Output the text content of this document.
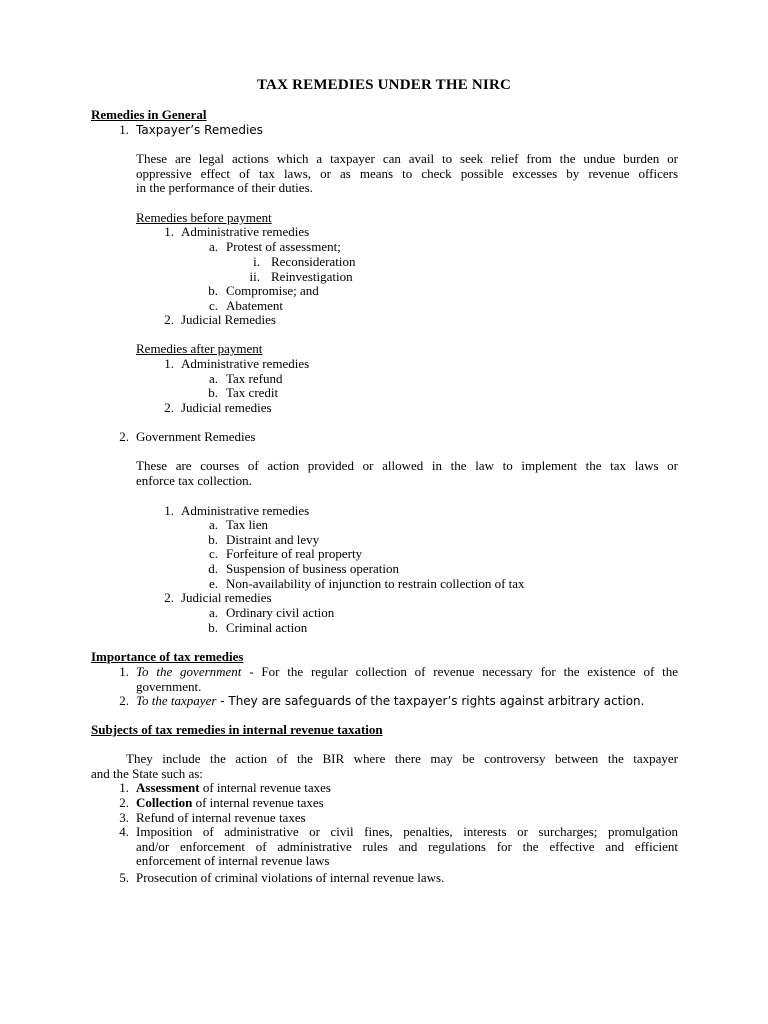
TAX REMEDIES UNDER THE NIRC
Remedies in General
1. Taxpayer’s Remedies
These are legal actions which a taxpayer can avail to seek relief from the undue burden or
oppressive effect of tax laws, or as means to check possible excesses by revenue officers
in the performance of their duties.
Remedies before payment
1. Administrative remedies
a. Protest of assessment;
i. Reconsideration
ii. Reinvestigation
b. Compromise; and
c. Abatement
2. Judicial Remedies
Remedies after payment
1. Administrative remedies
a. Tax refund
b. Tax credit
2. Judicial remedies
2. Government Remedies
These are courses of action provided or allowed in the law to implement the tax laws or
enforce tax collection.
1. Administrative remedies
a. Tax lien
b. Distraint and levy
c. Forfeiture of real property
d. Suspension of business operation
e. Non-availability of injunction to restrain collection of tax
2. Judicial remedies
a. Ordinary civil action
b. Criminal action
Importance of tax remedies
1. To the government - For the regular collection of revenue necessary for the existence of the
government.
2. To the taxpayer - They are safeguards of the taxpayer’s rights against arbitrary action.
Subjects of tax remedies in internal revenue taxation
They include the action of the BIR where there may be controversy between the taxpayer
and the State such as:
1. Assessment of internal revenue taxes
2. Collection of internal revenue taxes
3. Refund of internal revenue taxes
4. Imposition of administrative or civil fines, penalties, interests or surcharges; promulgation
and/or enforcement of administrative rules and regulations for the effective and efficient
enforcement of internal revenue laws
5. Prosecution of criminal violations of internal revenue laws.
